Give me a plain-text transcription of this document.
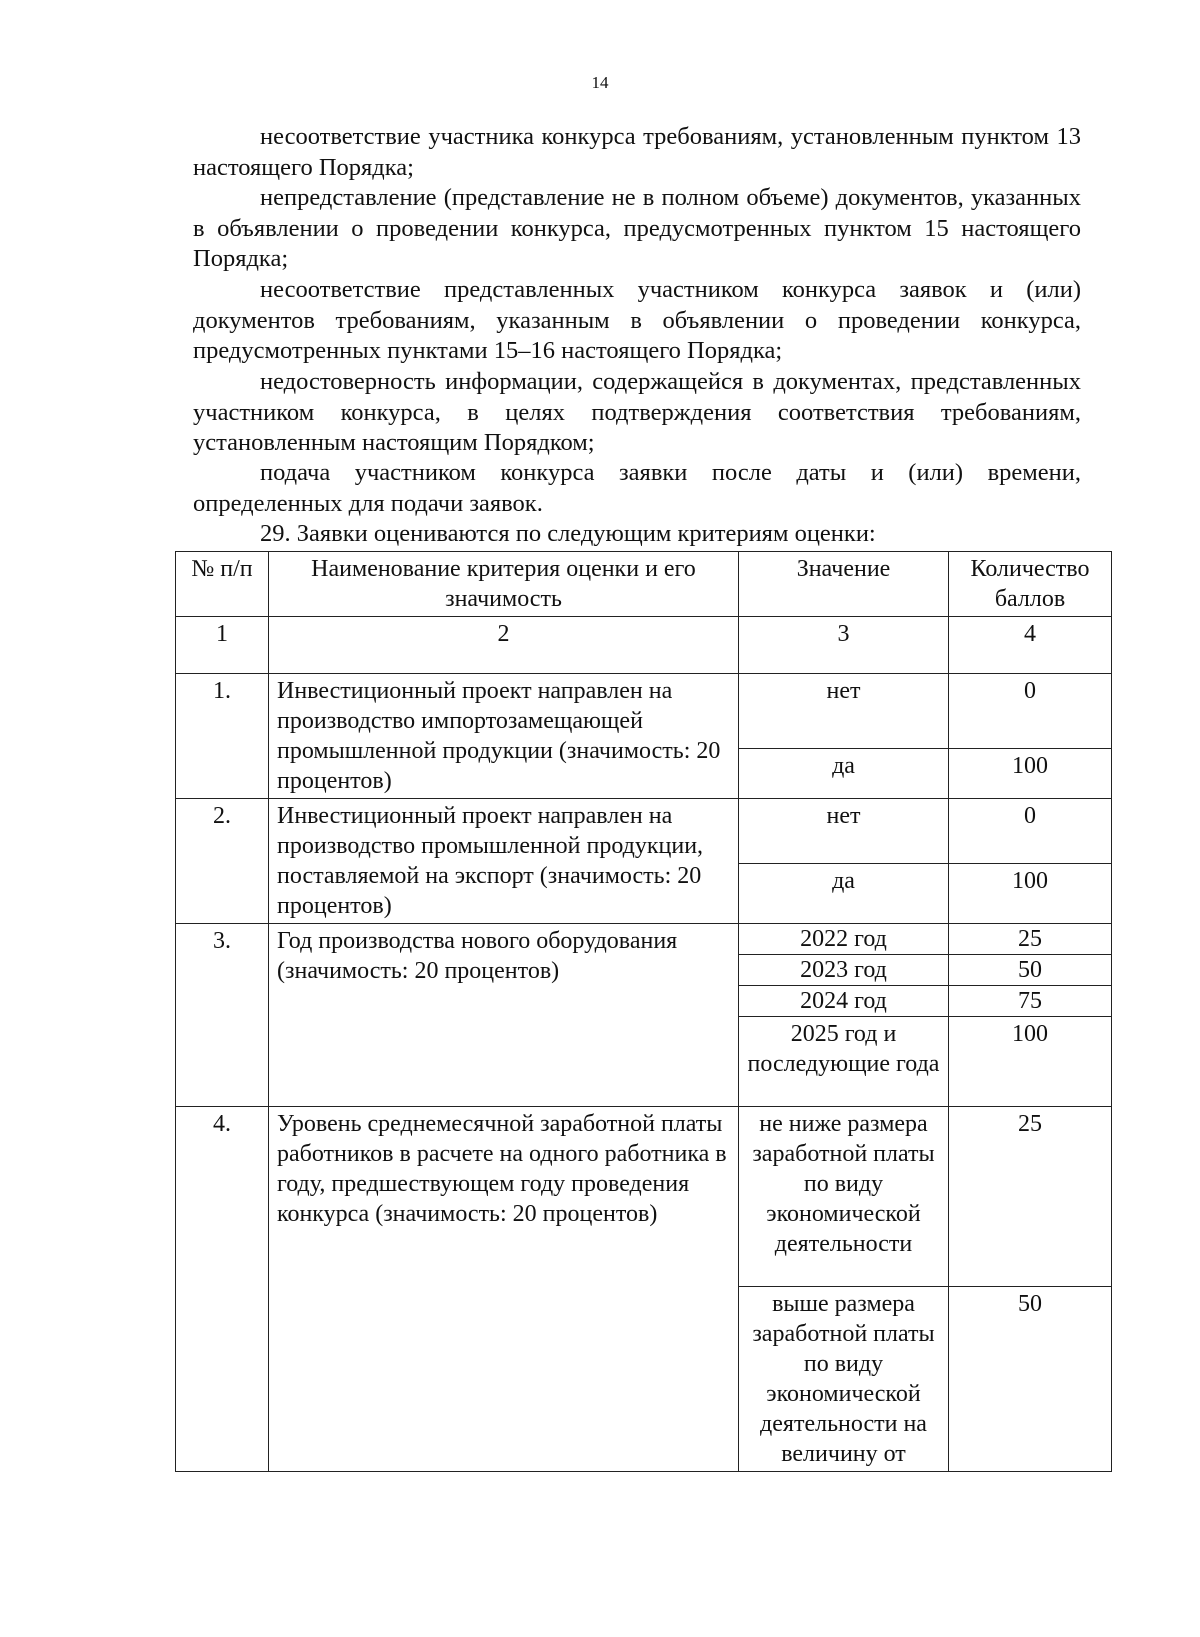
14

несоответствие участника конкурса требованиям, установленным пунктом 13 настоящего Порядка;

непредставление (представление не в полном объеме) документов, указанных в объявлении о проведении конкурса, предусмотренных пунктом 15 настоящего Порядка;

несоответствие представленных участником конкурса заявок и (или) документов требованиям, указанным в объявлении о проведении конкурса, предусмотренных пунктами 15–16 настоящего Порядка;

недостоверность информации, содержащейся в документах, представленных участником конкурса, в целях подтверждения соответствия требованиям, установленным настоящим Порядком;

подача участником конкурса заявки после даты и (или) времени, определенных для подачи заявок.

29. Заявки оцениваются по следующим критериям оценки:

№ п/п	Наименование критерия оценки и его значимость	Значение	Количество баллов
1	2	3	4
1.	Инвестиционный проект направлен на производство импортозамещающей промышленной продукции (значимость: 20 процентов)	нет	0
		да	100
2.	Инвестиционный проект направлен на производство промышленной продукции, поставляемой на экспорт (значимость: 20 процентов)	нет	0
		да	100
3.	Год производства нового оборудования (значимость: 20 процентов)	2022 год	25
		2023 год	50
		2024 год	75
		2025 год и последующие года	100
4.	Уровень среднемесячной заработной платы работников в расчете на одного работника в году, предшествующем году проведения конкурса (значимость: 20 процентов)	не ниже размера заработной платы по виду экономической деятельности	25
		выше размера заработной платы по виду экономической деятельности на величину от	50
